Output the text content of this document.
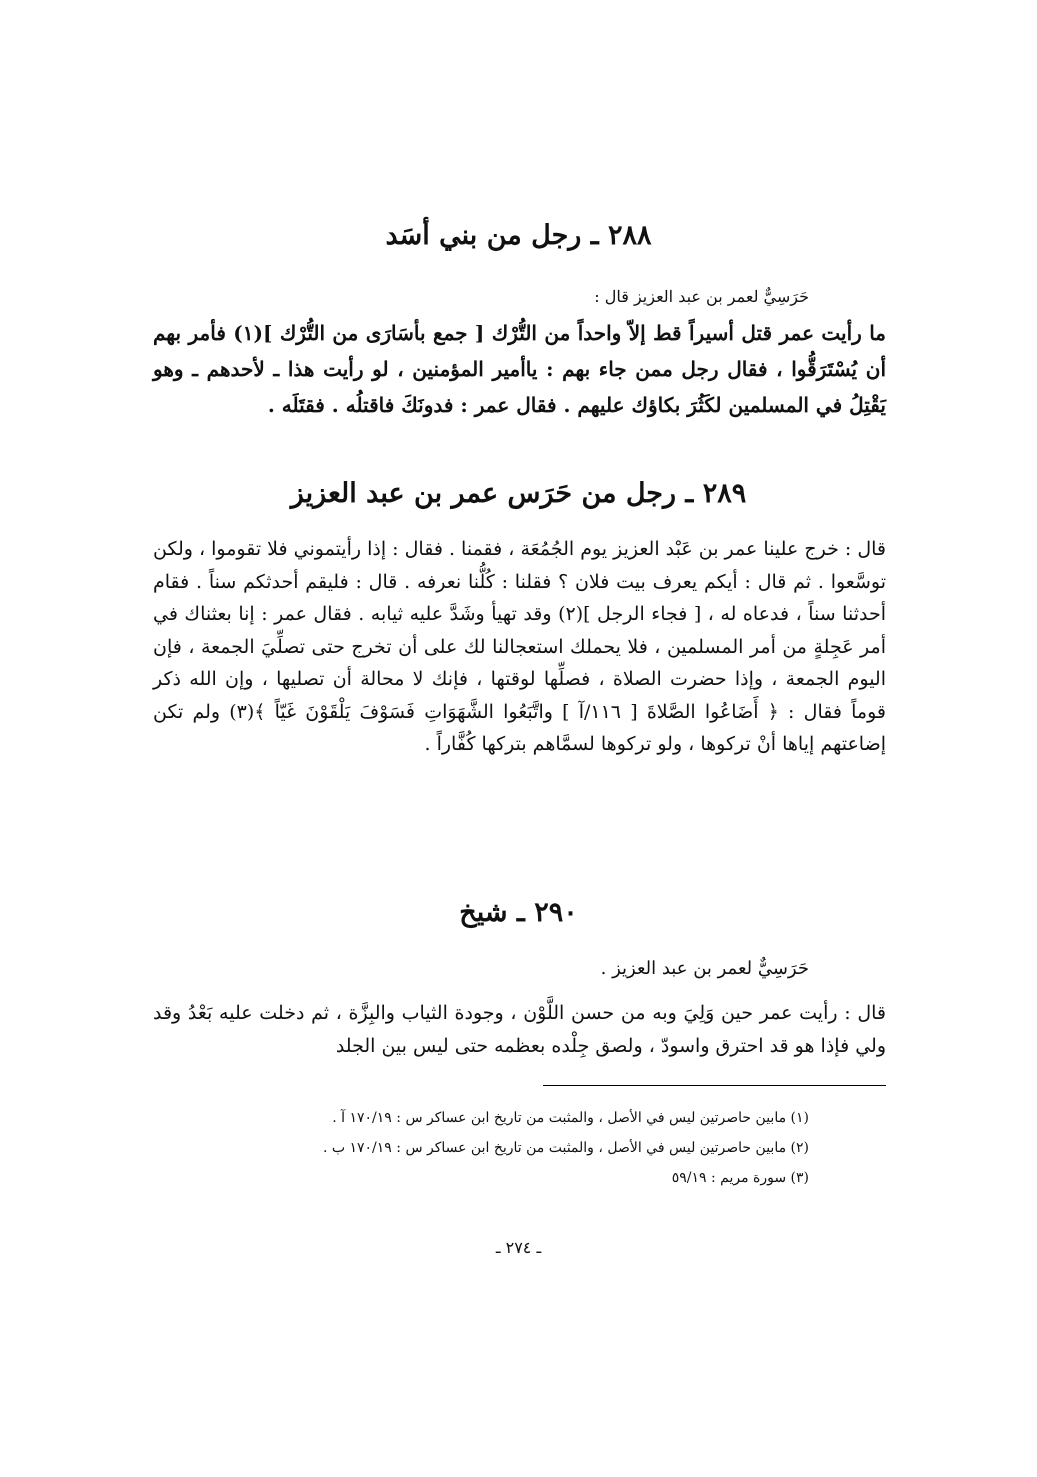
٢٨٨ ـ رجل من بني أسَد
حَرَسِيٌّ لعمر بن عبد العزيز قال :
ما رأيت عمر قتل أسيراً قط إلاّ واحداً من التُّرْك [ جمع بأسَارَى من التُّرْك ](١) فأمر بهم أن يُسْتَرَقُّوا ، فقال رجل ممن جاء بهم : ياأمير المؤمنين ، لو رأيت هذا ـ لأحدهم ـ وهو يَقْتِلُ في المسلمين لكَثُرَ بكاؤك عليهم . فقال عمر : فدونَكَ فاقتلُه . فقتَلَه .
٢٨٩ ـ رجل من حَرَس عمر بن عبد العزيز
قال : خرج علينا عمر بن عَبْد العزيز يوم الجُمُعَة ، فقمنا . فقال : إذا رأيتموني فلا تقوموا ، ولكن توسَّعوا . ثم قال : أيكم يعرف بيت فلان ؟ فقلنا : كُلُّنا نعرفه . قال : فليقم أحدثكم سناً . فقام أحدثنا سناً ، فدعاه له ، [ فجاء الرجل ](٢) وقد تهيأ وشَدَّ عليه ثيابه . فقال عمر : إنا بعثناك في أمر عَجِلةٍ من أمر المسلمين ، فلا يحملك استعجالنا لك على أن تخرج حتى تصلِّيَ الجمعة ، فإن اليوم الجمعة ، وإذا حضرت الصلاة ، فصلِّها لوقتها ، فإنك لا محالة أن تصليها ، وإن الله ذكر قوماً فقال : ﴿ أَضَاعُوا الصَّلاةَ [ ١١٦/آ ] واتَّبَعُوا الشَّهَوَاتِ فَسَوْفَ يَلْقَوْنَ غَيّاً ﴾(٣) ولم تكن إضاعتهم إياها أنْ تركوها ، ولو تركوها لسمَّاهم بتركها كُفَّاراً .
٢٩٠ ـ شيخ
حَرَسِيٌّ لعمر بن عبد العزيز .
قال : رأيت عمر حين وَلِيَ وبه من حسن اللَّوْن ، وجودة الثياب والبِزَّة ، ثم دخلت عليه بَعْدُ وقد ولي فإذا هو قد احترق واسودّ ، ولصق جِلْده بعظمه حتى ليس بين الجلد
(١) مابين حاصرتين ليس في الأصل ، والمثبت من تاريخ ابن عساكر س : ١٧٠/١٩ آ .
(٢) مابين حاصرتين ليس في الأصل ، والمثبت من تاريخ ابن عساكر س : ١٧٠/١٩ ب .
(٣) سورة مريم : ٥٩/١٩
ـ ٢٧٤ ـ
